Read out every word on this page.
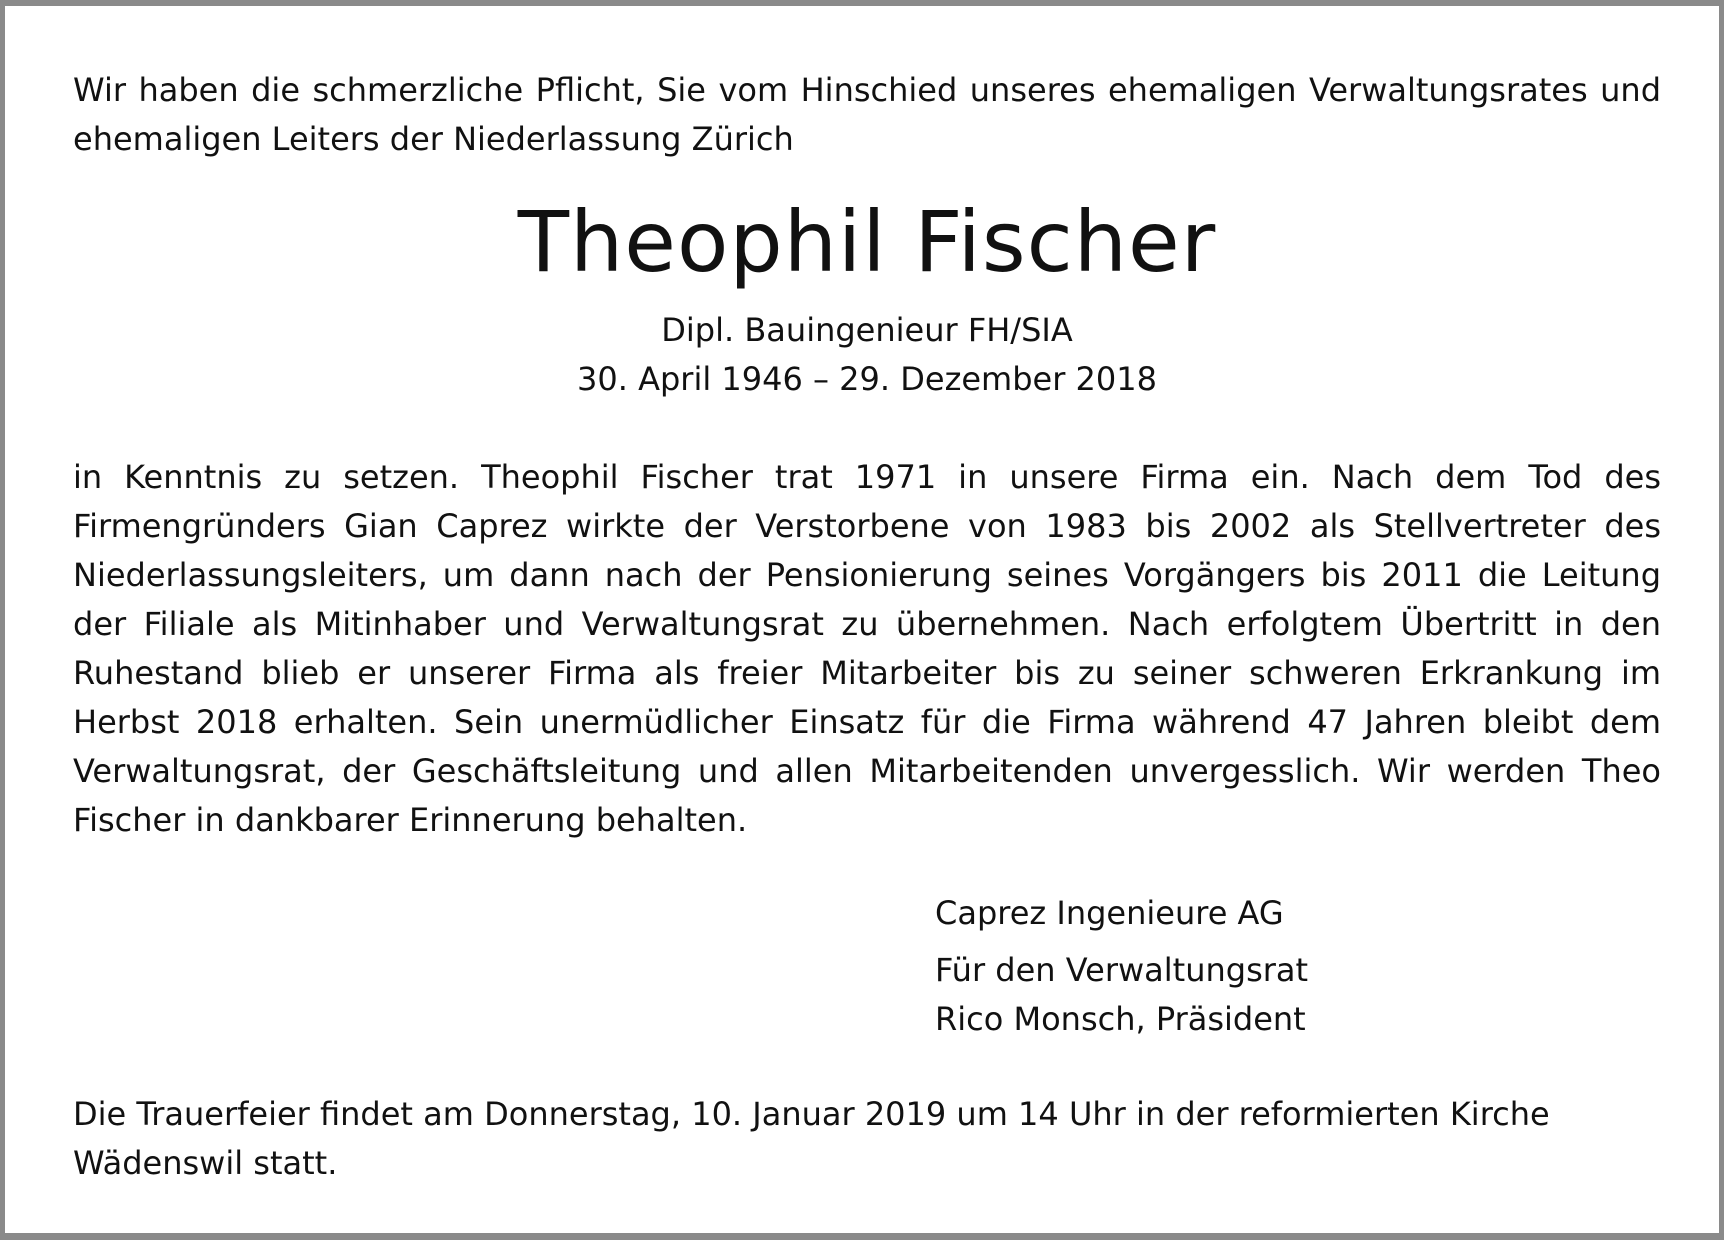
Wir haben die schmerzliche Pflicht, Sie vom Hinschied unseres ehemaligen Verwaltungsrates und ehemaligen Leiters der Niederlassung Zürich
Theophil Fischer
Dipl. Bauingenieur FH/SIA
30. April 1946 – 29. Dezember 2018

in Kenntnis zu setzen. Theophil Fischer trat 1971 in unsere Firma ein. Nach dem Tod des Firmengründers Gian Caprez wirkte der Verstorbene von 1983 bis 2002 als Stellvertreter des Niederlassungsleiters, um dann nach der Pensionierung seines Vorgängers bis 2011 die Leitung der Filiale als Mitinhaber und Verwaltungsrat zu übernehmen. Nach erfolgtem Übertritt in den Ruhestand blieb er unserer Firma als freier Mitarbeiter bis zu seiner schweren Erkrankung im Herbst 2018 erhalten. Sein unermüdlicher Einsatz für die Firma während 47 Jahren bleibt dem Verwaltungsrat, der Geschäftsleitung und allen Mitarbeitenden unvergesslich. Wir werden Theo Fischer in dankbarer Erinnerung behalten.

Caprez Ingenieure AG
Für den Verwaltungsrat
Rico Monsch, Präsident

Die Trauerfeier findet am Donnerstag, 10. Januar 2019 um 14 Uhr in der reformierten Kirche Wädenswil statt.
